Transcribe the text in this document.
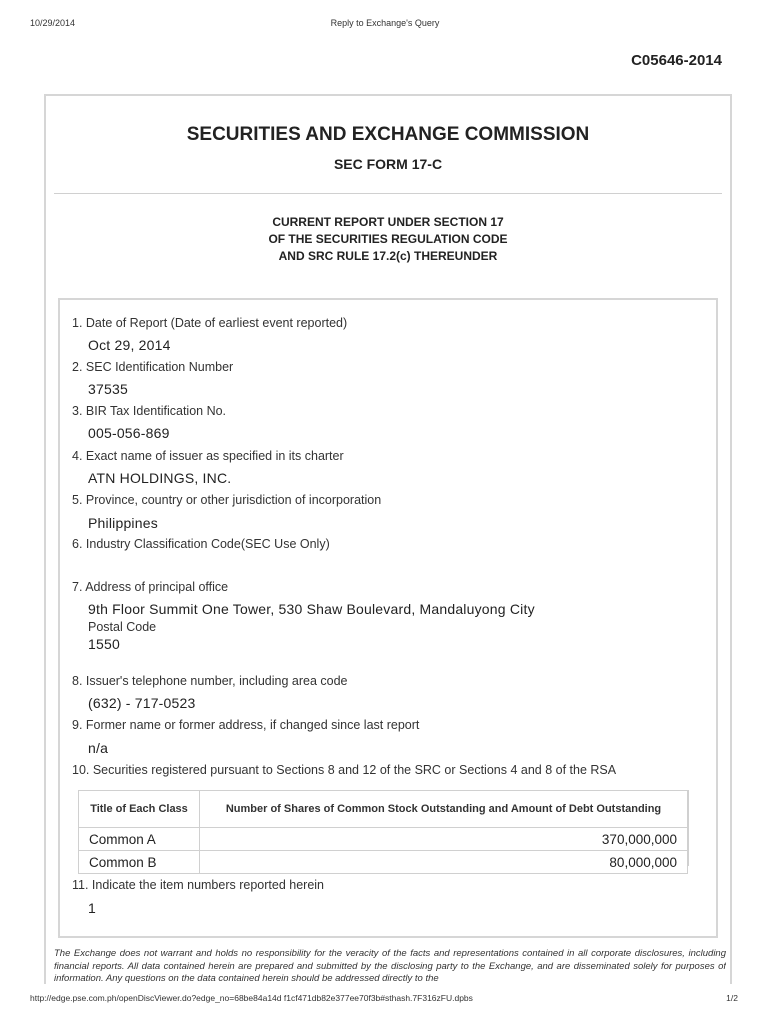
10/29/2014	Reply to Exchange's Query
C05646-2014
SECURITIES AND EXCHANGE COMMISSION
SEC FORM 17-C
CURRENT REPORT UNDER SECTION 17
OF THE SECURITIES REGULATION CODE
AND SRC RULE 17.2(c) THEREUNDER
1. Date of Report (Date of earliest event reported)
Oct 29, 2014
2. SEC Identification Number
37535
3. BIR Tax Identification No.
005-056-869
4. Exact name of issuer as specified in its charter
ATN HOLDINGS, INC.
5. Province, country or other jurisdiction of incorporation
Philippines
6. Industry Classification Code(SEC Use Only)
7. Address of principal office
9th Floor Summit One Tower, 530 Shaw Boulevard, Mandaluyong City
Postal Code
1550
8. Issuer's telephone number, including area code
(632) - 717-0523
9. Former name or former address, if changed since last report
n/a
10. Securities registered pursuant to Sections 8 and 12 of the SRC or Sections 4 and 8 of the RSA
Title of Each Class	Number of Shares of Common Stock Outstanding and Amount of Debt Outstanding
Common A	370,000,000
Common B	80,000,000
11. Indicate the item numbers reported herein
1
The Exchange does not warrant and holds no responsibility for the veracity of the facts and representations contained in all corporate disclosures, including financial reports. All data contained herein are prepared and submitted by the disclosing party to the Exchange, and are disseminated solely for purposes of information. Any questions on the data contained herein should be addressed directly to the
http://edge.pse.com.ph/openDiscViewer.do?edge_no=68be84a14d f1cf471db82e377ee70f3b#sthash.7F316zFU.dpbs	1/2
